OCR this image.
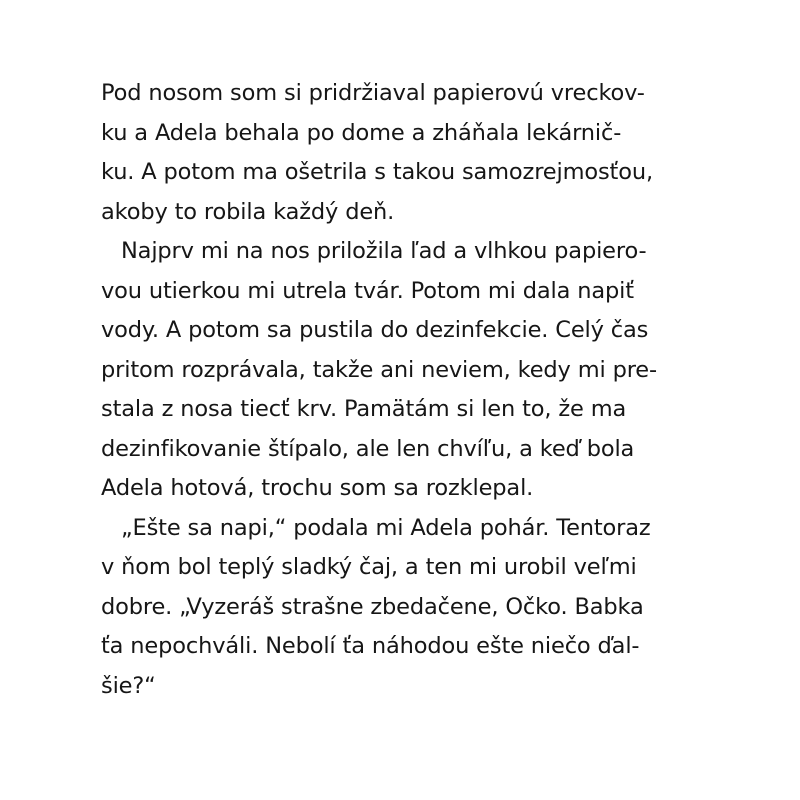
Pod nosom som si pridržiaval papierovú vreckov-
ku a Adela behala po dome a zháňala lekárnič-
ku. A potom ma ošetrila s takou samozrejmosťou,
akoby to robila každý deň.
Najprv mi na nos priložila ľad a vlhkou papiero-
vou utierkou mi utrela tvár. Potom mi dala napiť
vody. A potom sa pustila do dezinfekcie. Celý čas
pritom rozprávala, takže ani neviem, kedy mi pre-
stala z nosa tiecť krv. Pamätám si len to, že ma
dezinfikovanie štípalo, ale len chvíľu, a keď bola
Adela hotová, trochu som sa rozklepal.
„Ešte sa napi,“ podala mi Adela pohár. Tentoraz
v ňom bol teplý sladký čaj, a ten mi urobil veľmi
dobre. „Vyzeráš strašne zbedačene, Očko. Babka
ťa nepochváli. Nebolí ťa náhodou ešte niečo ďal-
šie?“
